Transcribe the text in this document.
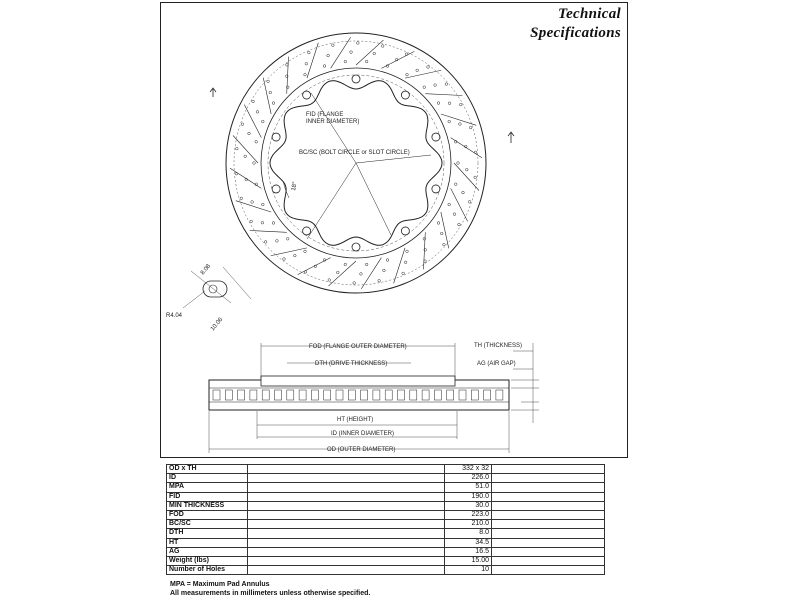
Technical
Specifications
FID (FLANGE
INNER DIAMETER)
BC/SC (BOLT CIRCLE or SLOT CIRCLE)
18°
8.08
R4.04
10.06
FOD (FLANGE OUTER DIAMETER)
DTH (DRIVE THICKNESS)
TH (THICKNESS)
AG (AIR GAP)
HT (HEIGHT)
ID (INNER DIAMETER)
OD (OUTER DIAMETER)
OD x TH		332 x 32	
ID		226.0	
MPA		51.0	
FID		190.0	
MIN THICKNESS		30.0	
FOD		223.0	
BC/SC		210.0	
DTH		8.0	
HT		34.5	
AG		16.5	
Weight (lbs)		15.00	
Number of Holes		10	
MPA = Maximum Pad Annulus
All measurements in millimeters unless otherwise specified.
